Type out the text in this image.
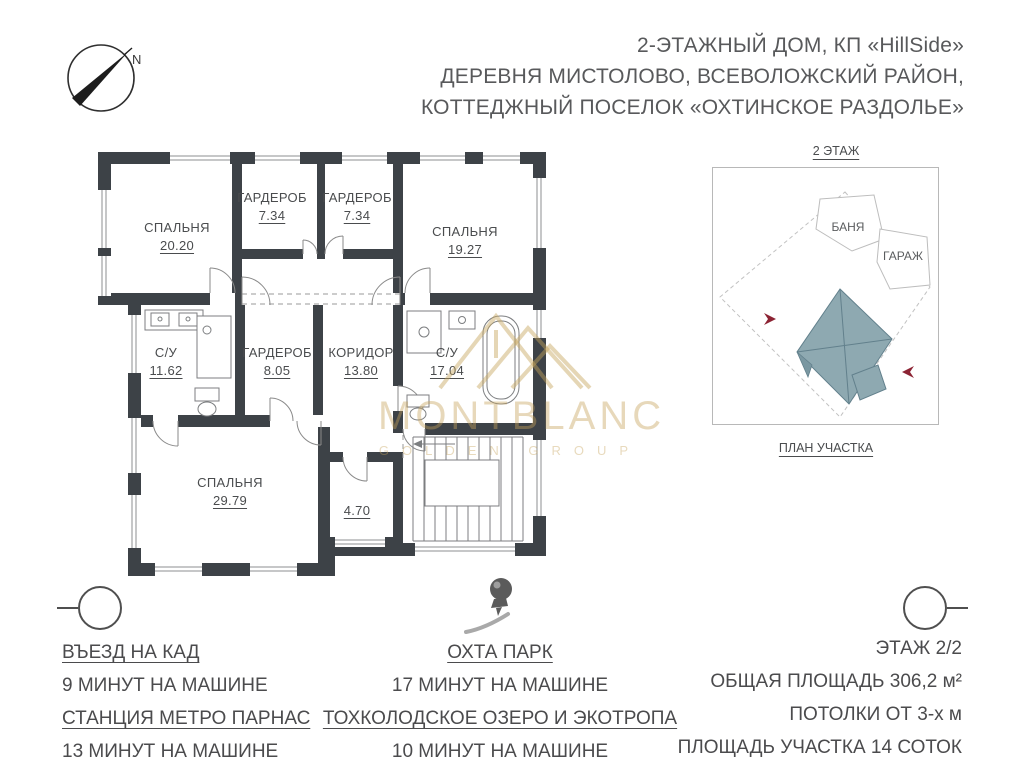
N
2-ЭТАЖНЫЙ ДОМ, КП «HillSide»
ДЕРЕВНЯ МИСТОЛОВО, ВСЕВОЛОЖСКИЙ РАЙОН,
КОТТЕДЖНЫЙ ПОСЕЛОК «ОХТИНСКОЕ РАЗДОЛЬЕ»
СПАЛЬНЯ
20.20
ГАРДЕРОБ
7.34
ГАРДЕРОБ
7.34
СПАЛЬНЯ
19.27
С/У
11.62
ГАРДЕРОБ
8.05
КОРИДОР
13.80
С/У
17.04
СПАЛЬНЯ
29.79
4.70
MONTBLANC
GOLDEN GROUP
2 ЭТАЖ
БАНЯ
ГАРАЖ
ПЛАН УЧАСТКА
ВЪЕЗД НА КАД
9 МИНУТ НА МАШИНЕ
СТАНЦИЯ МЕТРО ПАРНАС
13 МИНУТ НА МАШИНЕ
ОХТА ПАРК
17 МИНУТ НА МАШИНЕ
ТОХКОЛОДСКОЕ ОЗЕРО И ЭКОТРОПА
10 МИНУТ НА МАШИНЕ
ЭТАЖ 2/2
ОБЩАЯ ПЛОЩАДЬ 306,2 м²
ПОТОЛКИ ОТ 3-х м
ПЛОЩАДЬ УЧАСТКА 14 СОТОК
